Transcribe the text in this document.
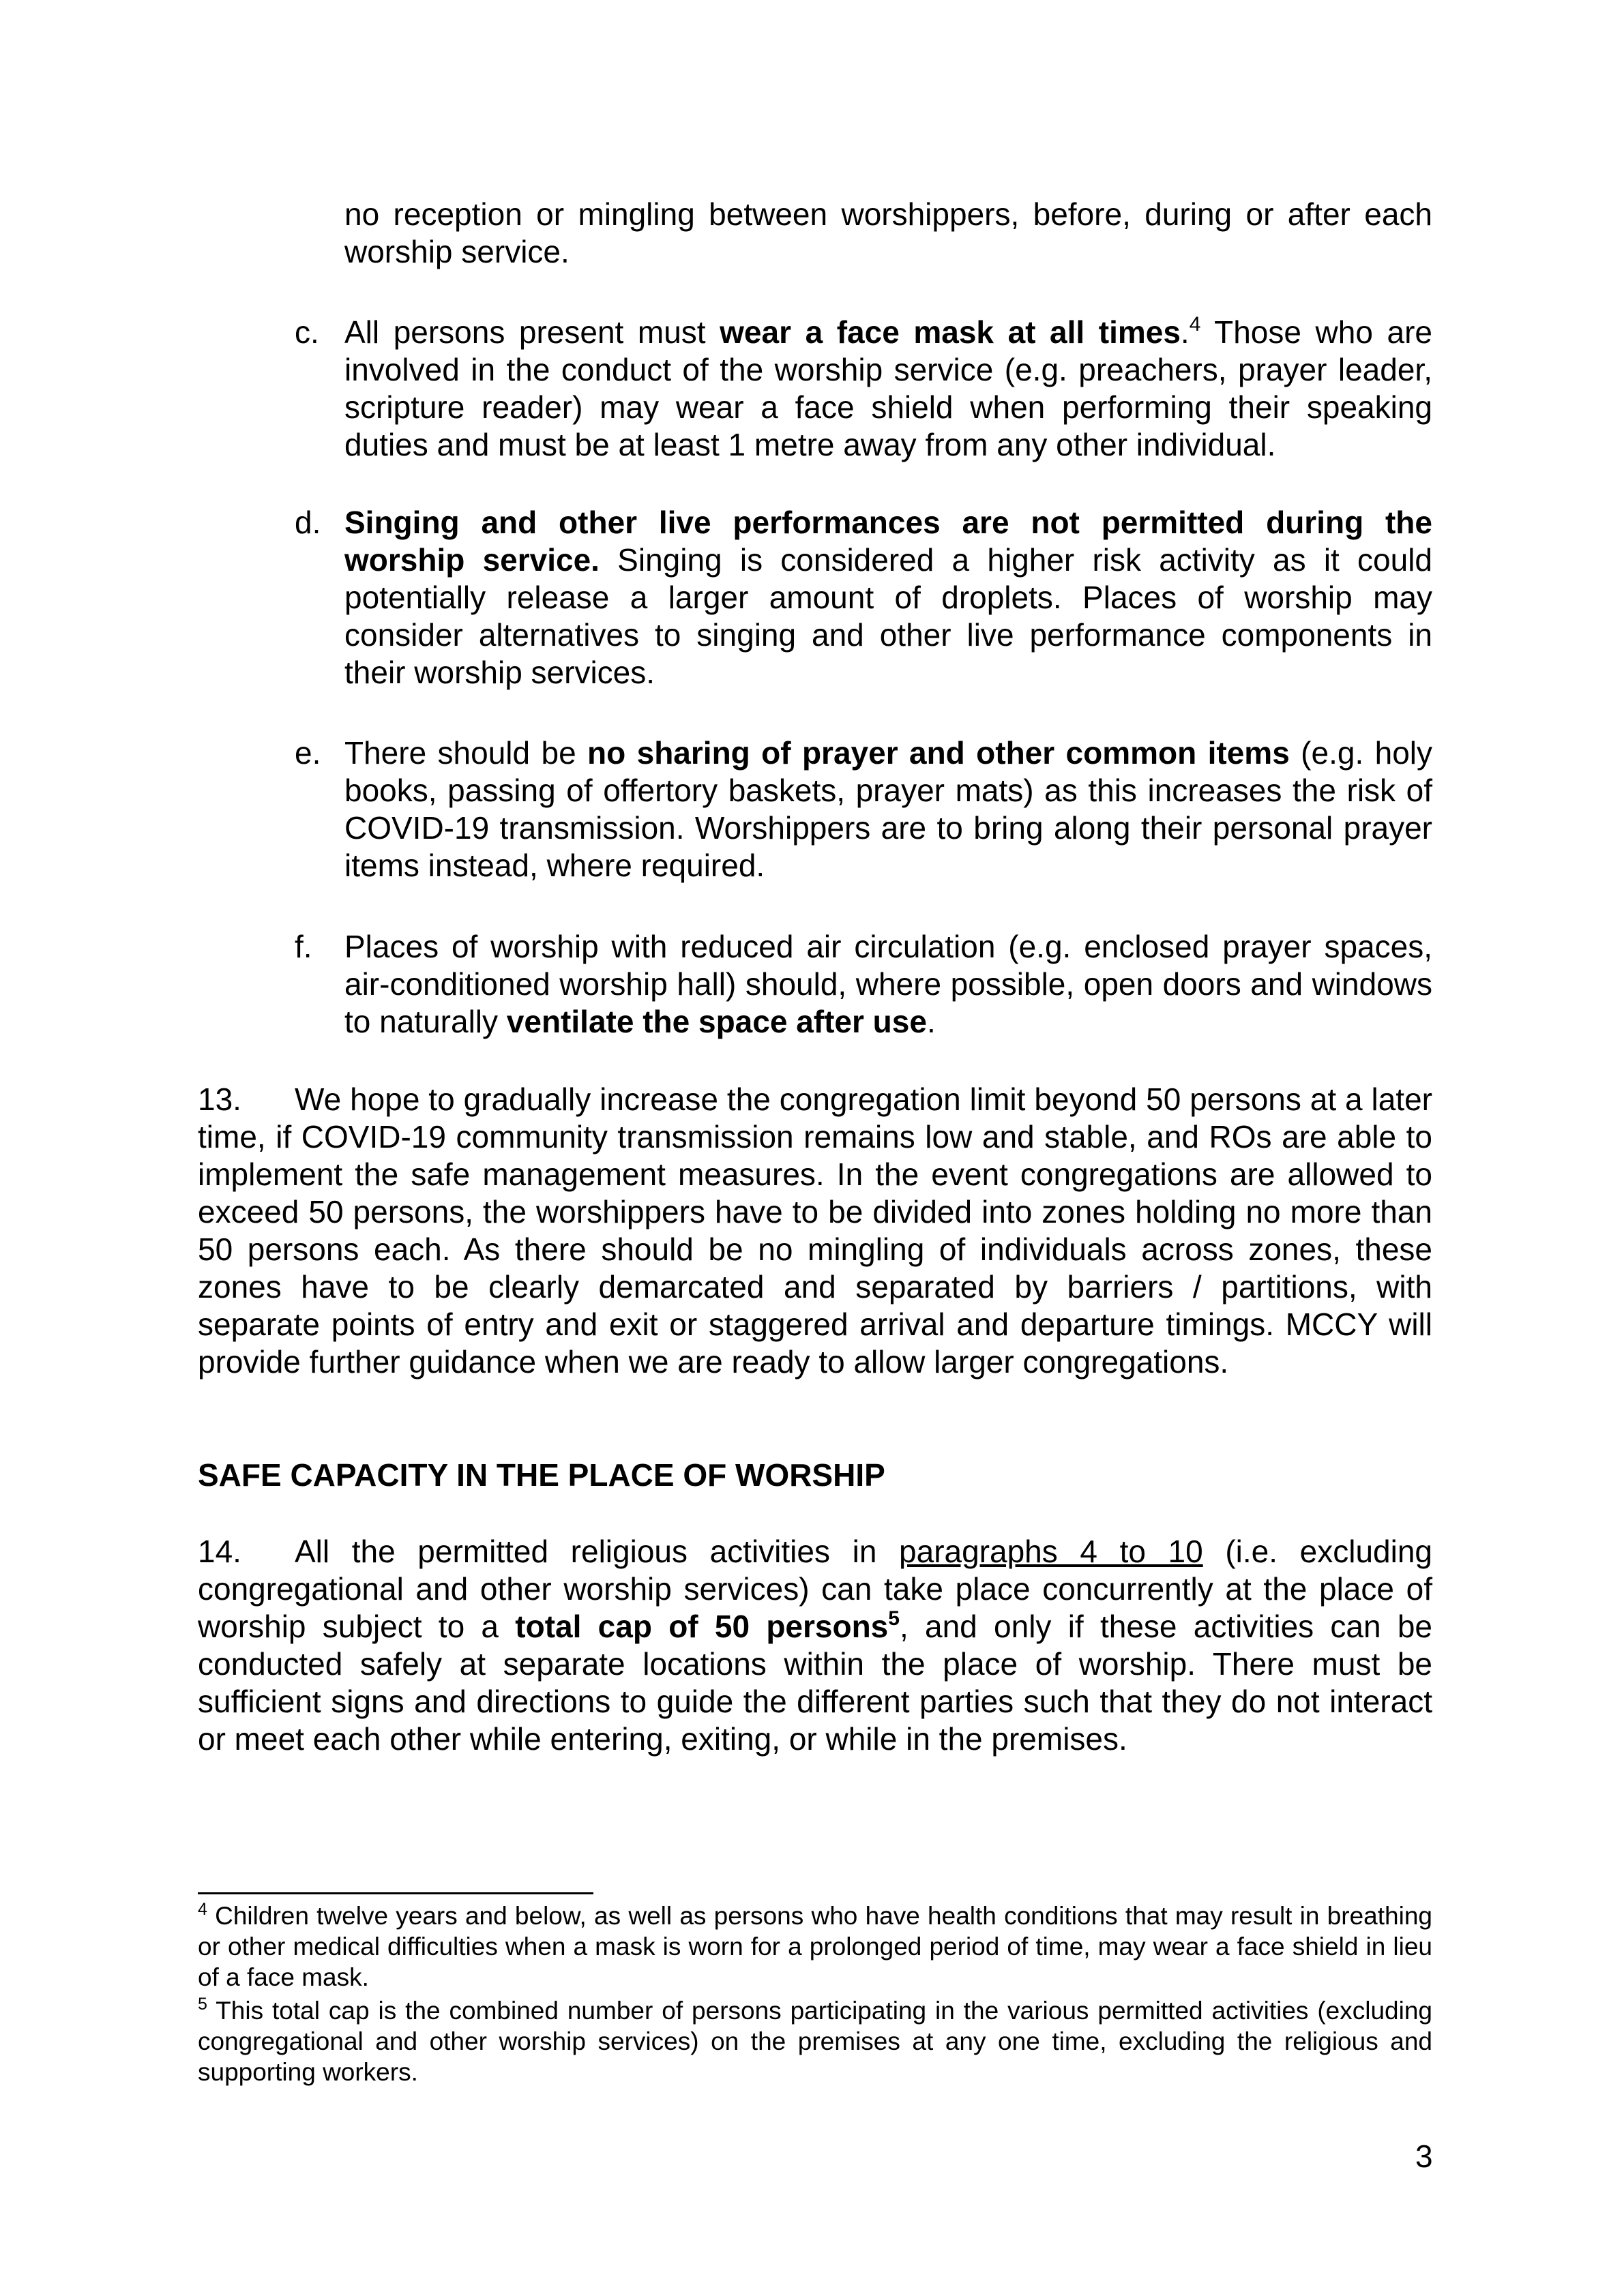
no reception or mingling between worshippers, before, during or after each worship service.

c. All persons present must wear a face mask at all times.$^4$ Those who are involved in the conduct of the worship service (e.g. preachers, prayer leader, scripture reader) may wear a face shield when performing their speaking duties and must be at least 1 metre away from any other individual.

d. Singing and other live performances are not permitted during the worship service. Singing is considered a higher risk activity as it could potentially release a larger amount of droplets. Places of worship may consider alternatives to singing and other live performance components in their worship services.

e. There should be no sharing of prayer and other common items (e.g. holy books, passing of offertory baskets, prayer mats) as this increases the risk of COVID-19 transmission. Worshippers are to bring along their personal prayer items instead, where required.

f. Places of worship with reduced air circulation (e.g. enclosed prayer spaces, air-conditioned worship hall) should, where possible, open doors and windows to naturally ventilate the space after use.

13. We hope to gradually increase the congregation limit beyond 50 persons at a later time, if COVID-19 community transmission remains low and stable, and ROs are able to implement the safe management measures. In the event congregations are allowed to exceed 50 persons, the worshippers have to be divided into zones holding no more than 50 persons each. As there should be no mingling of individuals across zones, these zones have to be clearly demarcated and separated by barriers / partitions, with separate points of entry and exit or staggered arrival and departure timings. MCCY will provide further guidance when we are ready to allow larger congregations.

SAFE CAPACITY IN THE PLACE OF WORSHIP

14. All the permitted religious activities in paragraphs 4 to 10 (i.e. excluding congregational and other worship services) can take place concurrently at the place of worship subject to a total cap of 50 persons$^5$, and only if these activities can be conducted safely at separate locations within the place of worship. There must be sufficient signs and directions to guide the different parties such that they do not interact or meet each other while entering, exiting, or while in the premises.

$^4$ Children twelve years and below, as well as persons who have health conditions that may result in breathing or other medical difficulties when a mask is worn for a prolonged period of time, may wear a face shield in lieu of a face mask.

$^5$ This total cap is the combined number of persons participating in the various permitted activities (excluding congregational and other worship services) on the premises at any one time, excluding the religious and supporting workers.

3
